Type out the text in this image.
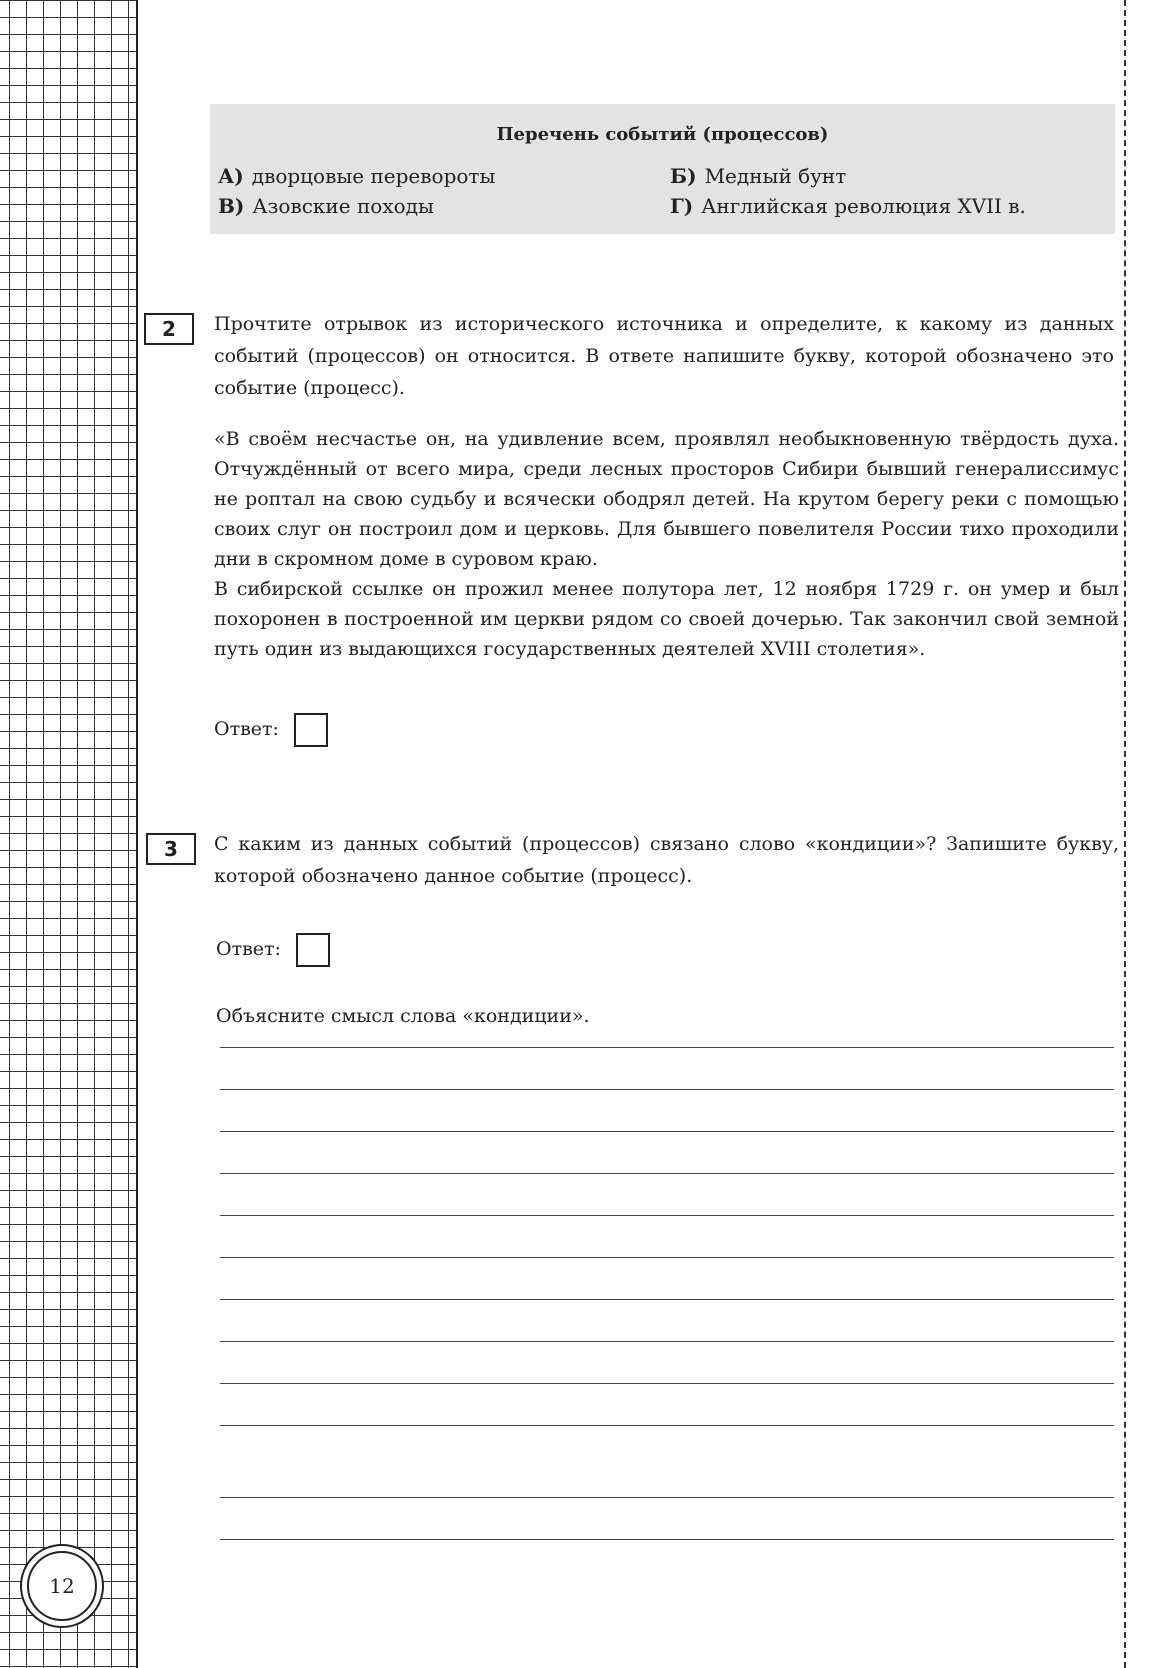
Перечень событий (процессов)
А) дворцовые перевороты	Б) Медный бунт
В) Азовские походы	Г) Английская революция XVII в.
2	Прочтите отрывок из исторического источника и определите, к какому из данных событий (процессов) он относится. В ответе напишите букву, которой обозначено это событие (процесс).
«В своём несчастье он, на удивление всем, проявлял необыкновенную твёрдость духа. Отчуждённый от всего мира, среди лесных просторов Сибири бывший генералиссимус не роптал на свою судьбу и всячески ободрял детей. На крутом берегу реки с помощью своих слуг он построил дом и церковь. Для бывшего повелителя России тихо проходили дни в скромном доме в суровом краю.
В сибирской ссылке он прожил менее полутора лет, 12 ноября 1729 г. он умер и был похоронен в построенной им церкви рядом со своей дочерью. Так закончил свой земной путь один из выдающихся государственных деятелей XVIII столетия».
Ответ:
3	С каким из данных событий (процессов) связано слово «кондиции»? Запишите букву, которой обозначено данное событие (процесс).
Ответ:
Объясните смысл слова «кондиции».
12
